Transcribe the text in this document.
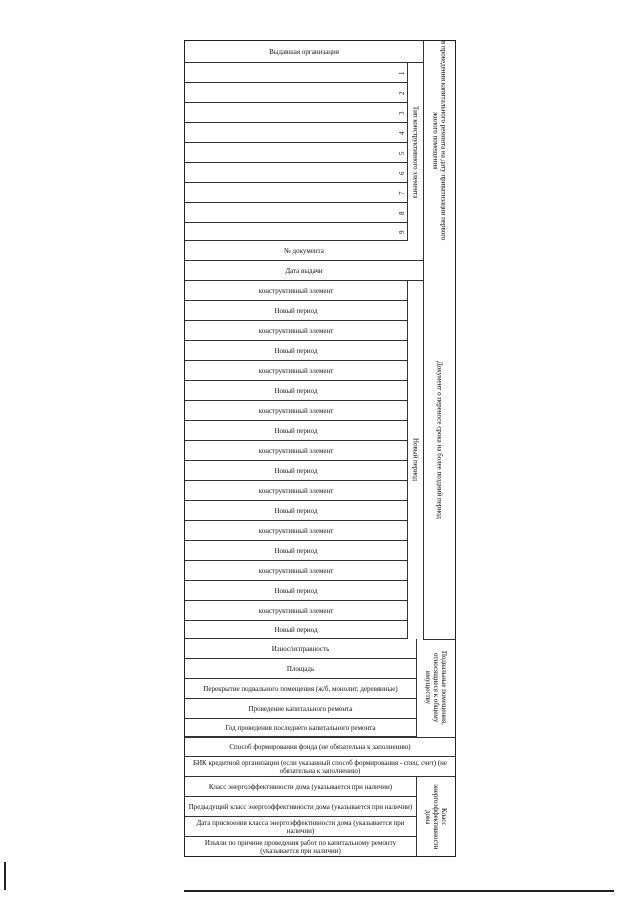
Выдавшая организация
1
2
3
4
5
6
7
8
9
Тип конструктивного элемента	в проведении капитального ремонта на дату приватизации первого жилого помещения
№ документа
Дата выдачи
конструктивный элемент
Новый период
конструктивный элемент
Новый период
конструктивный элемент
Новый период
конструктивный элемент
Новый период
конструктивный элемент
Новый период
конструктивный элемент
Новый период
конструктивный элемент
Новый период
конструктивный элемент
Новый период
конструктивный элемент
Новый период
Новый период	Документ о переносе срока на более поздний период
Износ/исправность
Площадь
Перекрытие подвального помещения (ж/б, монолит, деревянные)
Проведение капитального ремонта
Год проведения последнего капитального ремонта
Подвальные помещения, относящиеся к общему имуществу
Способ формирования фонда (не обязательна к заполнению)
БИК кредитной организации (если указанный способ формирования - спец. счет) (не обязательна к заполнению)
Класс энергоэффективности дома (указывается при наличии)
Предыдущий класс энергоэффективности дома (указывается при наличии)
Дата присвоения класса энергоэффективности дома (указывается при наличии)
Изъяли по причине проведения работ по капитальному ремонту (указывается при наличии)
Класс энергоэффективности дома
